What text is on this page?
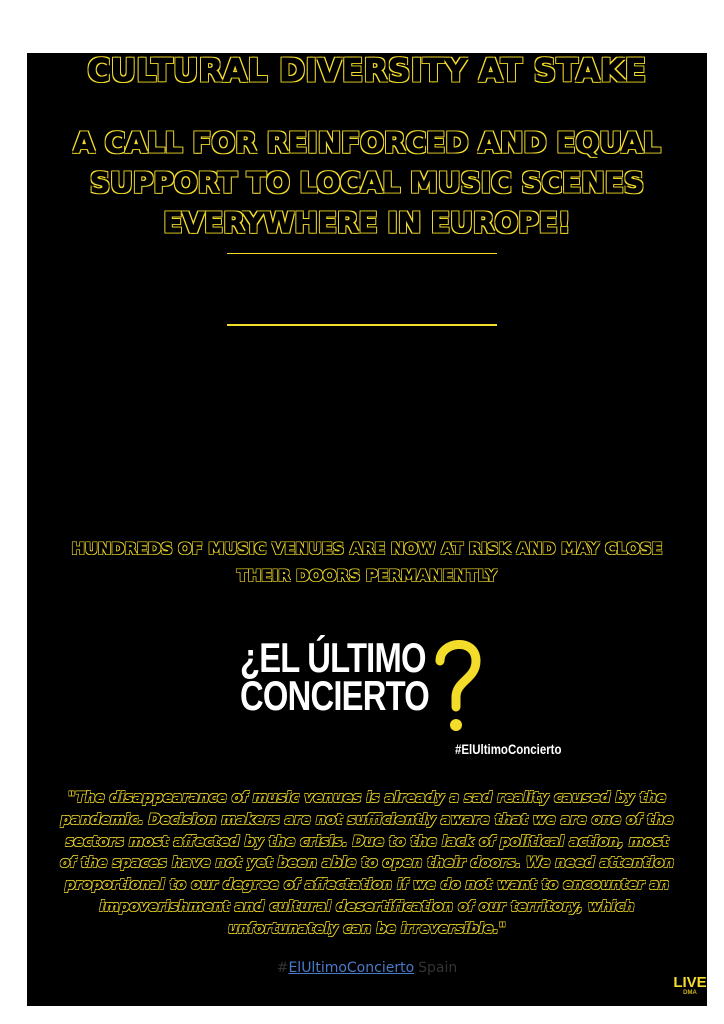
CULTURAL DIVERSITY AT STAKE
A CALL FOR REINFORCED AND EQUAL SUPPORT TO LOCAL MUSIC SCENES EVERYWHERE IN EUROPE!

HUNDREDS OF MUSIC VENUES ARE NOW AT RISK AND MAY CLOSE THEIR DOORS PERMANENTLY

¿EL ÚLTIMO
CONCIERTO
#ElUltimoConcierto

"The disappearance of music venues is already a sad reality caused by the pandemic. Decision makers are not sufficiently aware that we are one of the sectors most affected by the crisis. Due to the lack of political action, most of the spaces have not yet been able to open their doors. We need attention proportional to our degree of affectation if we do not want to encounter an impoverishment and cultural desertification of our territory, which unfortunately can be irreversible."

#ElUltimoConcierto Spain
LIVE
DMA
